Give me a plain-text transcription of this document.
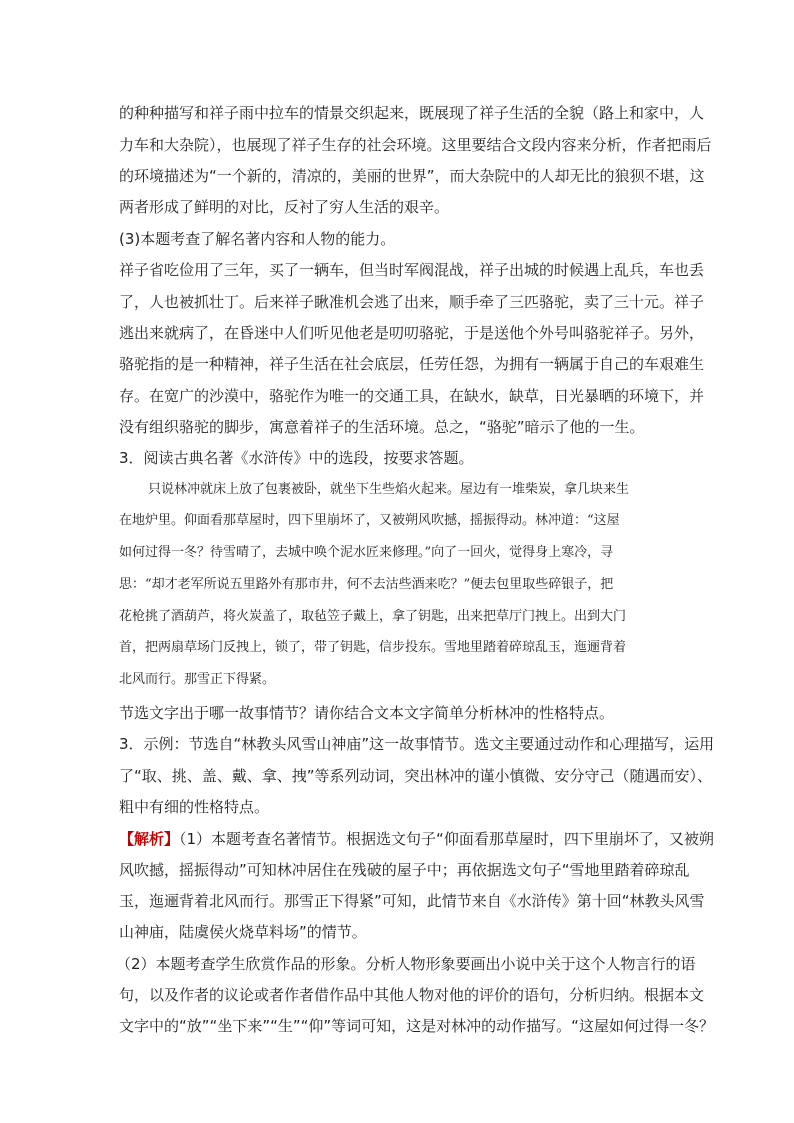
的种种描写和祥子雨中拉车的情景交织起来，既展现了祥子生活的全貌（路上和家中，人
力车和大杂院），也展现了祥子生存的社会环境。这里要结合文段内容来分析，作者把雨后
的环境描述为“一个新的，清凉的，美丽的世界”，而大杂院中的人却无比的狼狈不堪，这
两者形成了鲜明的对比，反衬了穷人生活的艰辛。
(3)本题考查了解名著内容和人物的能力。
祥子省吃俭用了三年，买了一辆车，但当时军阀混战，祥子出城的时候遇上乱兵，车也丢
了，人也被抓壮丁。后来祥子瞅准机会逃了出来，顺手牵了三匹骆驼，卖了三十元。祥子
逃出来就病了，在昏迷中人们听见他老是叨叨骆驼，于是送他个外号叫骆驼祥子。另外，
骆驼指的是一种精神，祥子生活在社会底层，任劳任怨，为拥有一辆属于自己的车艰难生
存。在宽广的沙漠中，骆驼作为唯一的交通工具，在缺水，缺草，日光暴晒的环境下，并
没有组织骆驼的脚步，寓意着祥子的生活环境。总之，“骆驼”暗示了他的一生。
3．阅读古典名著《水浒传》中的选段，按要求答题。
只说林冲就床上放了包裹被卧，就坐下生些焰火起来。屋边有一堆柴炭，拿几块来生
在地炉里。仰面看那草屋时，四下里崩坏了，又被朔风吹撼，摇振得动。林冲道：“这屋
如何过得一冬？待雪晴了，去城中唤个泥水匠来修理。”向了一回火，觉得身上寒冷，寻
思：“却才老军所说五里路外有那市井，何不去沽些酒来吃？”便去包里取些碎银子，把
花枪挑了酒葫芦，将火炭盖了，取毡笠子戴上，拿了钥匙，出来把草厅门拽上。出到大门
首，把两扇草场门反拽上，锁了，带了钥匙，信步投东。雪地里踏着碎琼乱玉，迤逦背着
北风而行。那雪正下得紧。
节选文字出于哪一故事情节？请你结合文本文字简单分析林冲的性格特点。
3．示例：节选自“林教头风雪山神庙”这一故事情节。选文主要通过动作和心理描写，运用
了“取、挑、盖、戴、拿、拽”等系列动词，突出林冲的谨小慎微、安分守己（随遇而安）、
粗中有细的性格特点。
【解析】（1）本题考查名著情节。根据选文句子“仰面看那草屋时，四下里崩坏了，又被朔
风吹撼，摇振得动”可知林冲居住在残破的屋子中；再依据选文句子“雪地里踏着碎琼乱
玉，迤逦背着北风而行。那雪正下得紧”可知，此情节来自《水浒传》第十回“林教头风雪
山神庙，陆虞侯火烧草料场”的情节。
（2）本题考查学生欣赏作品的形象。分析人物形象要画出小说中关于这个人物言行的语
句，以及作者的议论或者作者借作品中其他人物对他的评价的语句，分析归纳。根据本文
文字中的“放”“坐下来”“生”“仰”等词可知，这是对林冲的动作描写。“这屋如何过得一冬？
